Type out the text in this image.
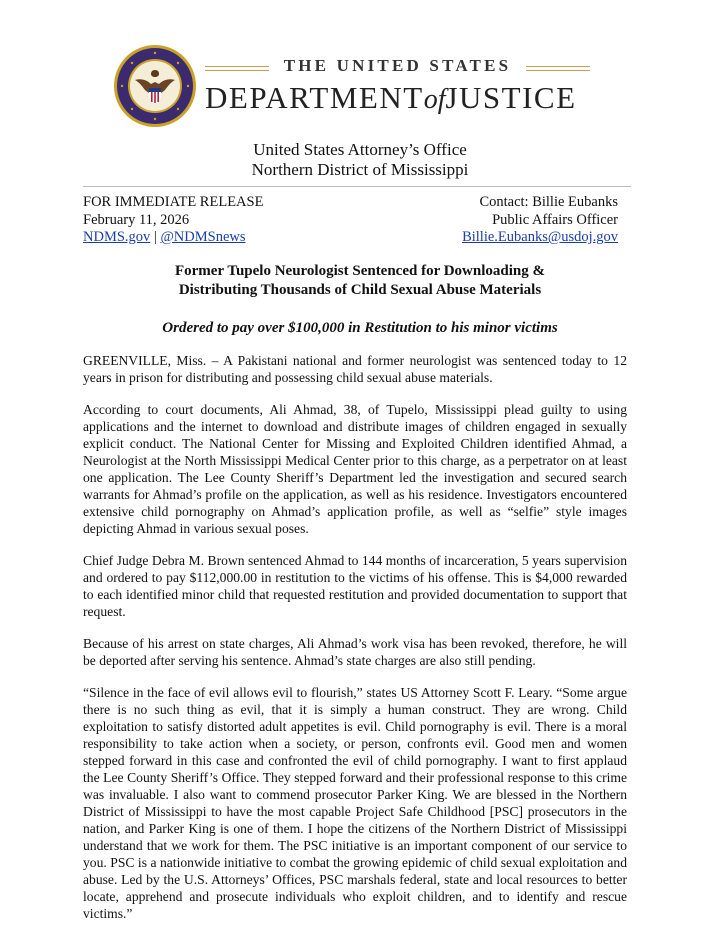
THE UNITED STATES
DEPARTMENTofJUSTICE
United States Attorney’s Office
Northern District of Mississippi
FOR IMMEDIATE RELEASE
February 11, 2026
NDMS.gov | @NDMSnews
Contact: Billie Eubanks
Public Affairs Officer
Billie.Eubanks@usdoj.gov
Former Tupelo Neurologist Sentenced for Downloading &
Distributing Thousands of Child Sexual Abuse Materials
Ordered to pay over $100,000 in Restitution to his minor victims

GREENVILLE, Miss. – A Pakistani national and former neurologist was sentenced today to 12 years in prison for distributing and possessing child sexual abuse materials.

According to court documents, Ali Ahmad, 38, of Tupelo, Mississippi plead guilty to using applications and the internet to download and distribute images of children engaged in sexually explicit conduct. The National Center for Missing and Exploited Children identified Ahmad, a Neurologist at the North Mississippi Medical Center prior to this charge, as a perpetrator on at least one application. The Lee County Sheriff’s Department led the investigation and secured search warrants for Ahmad’s profile on the application, as well as his residence. Investigators encountered extensive child pornography on Ahmad’s application profile, as well as “selfie” style images depicting Ahmad in various sexual poses.

Chief Judge Debra M. Brown sentenced Ahmad to 144 months of incarceration, 5 years supervision and ordered to pay $112,000.00 in restitution to the victims of his offense. This is $4,000 rewarded to each identified minor child that requested restitution and provided documentation to support that request.

Because of his arrest on state charges, Ali Ahmad’s work visa has been revoked, therefore, he will be deported after serving his sentence. Ahmad’s state charges are also still pending.

“Silence in the face of evil allows evil to flourish,” states US Attorney Scott F. Leary. “Some argue there is no such thing as evil, that it is simply a human construct. They are wrong. Child exploitation to satisfy distorted adult appetites is evil. Child pornography is evil. There is a moral responsibility to take action when a society, or person, confronts evil. Good men and women stepped forward in this case and confronted the evil of child pornography. I want to first applaud the Lee County Sheriff’s Office. They stepped forward and their professional response to this crime was invaluable. I also want to commend prosecutor Parker King. We are blessed in the Northern District of Mississippi to have the most capable Project Safe Childhood [PSC] prosecutors in the nation, and Parker King is one of them. I hope the citizens of the Northern District of Mississippi understand that we work for them. The PSC initiative is an important component of our service to you. PSC is a nationwide initiative to combat the growing epidemic of child sexual exploitation and abuse. Led by the U.S. Attorneys’ Offices, PSC marshals federal, state and local resources to better locate, apprehend and prosecute individuals who exploit children, and to identify and rescue victims.”
